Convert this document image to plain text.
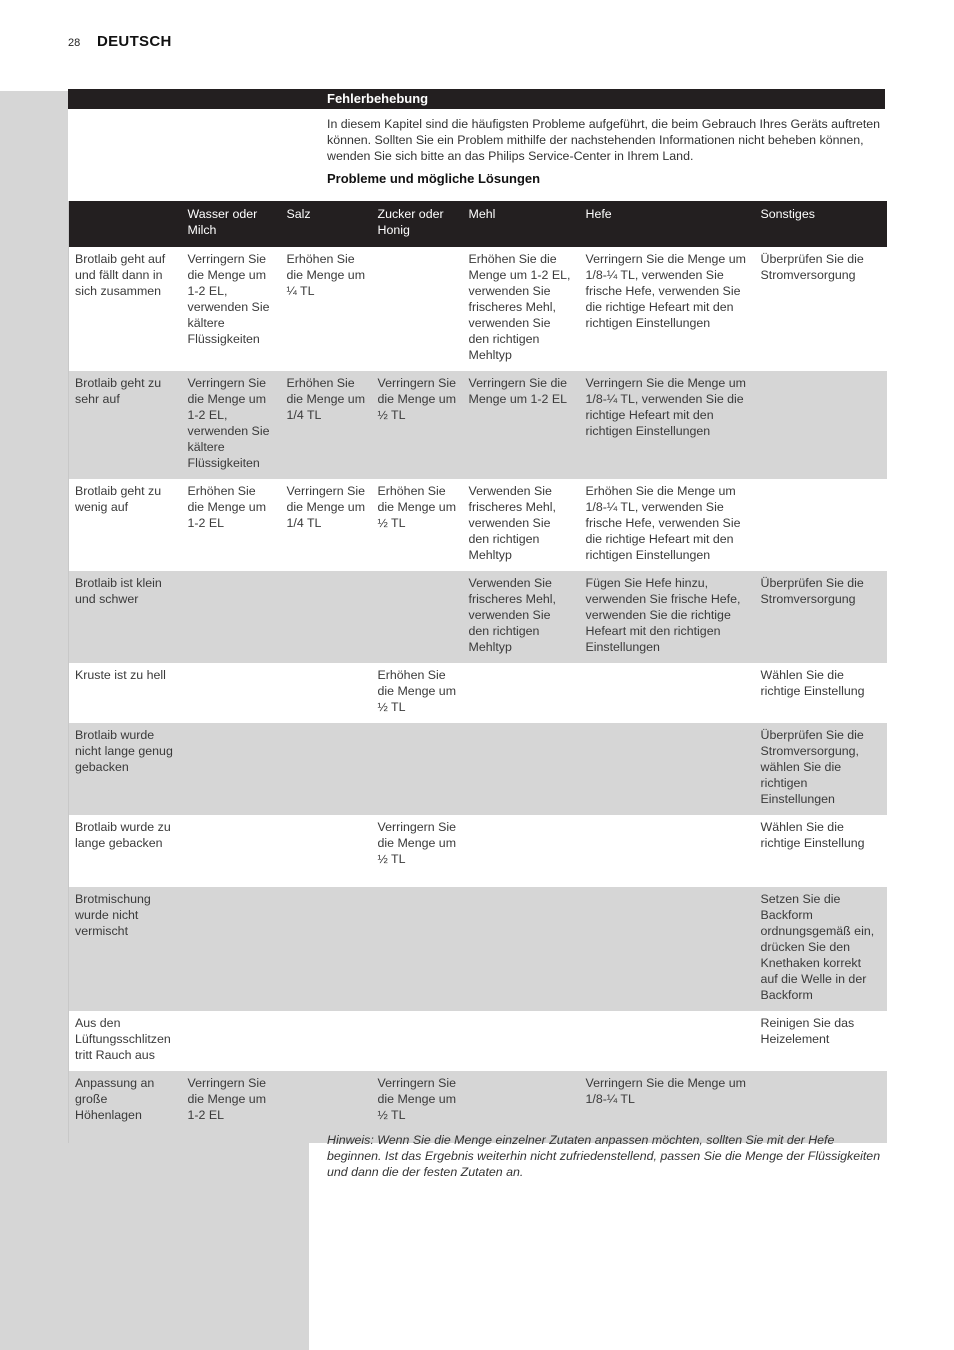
28 DEUTSCH
Fehlerbehebung

In diesem Kapitel sind die häufigsten Probleme aufgeführt, die beim Gebrauch Ihres Geräts auftreten können. Sollten Sie ein Problem mithilfe der nachstehenden Informationen nicht beheben können, wenden Sie sich bitte an das Philips Service-Center in Ihrem Land.

Probleme und mögliche Lösungen
	Wasser oder Milch	Salz	Zucker oder Honig	Mehl	Hefe	Sonstiges
Brotlaib geht auf und fällt dann in sich zusammen	Verringern Sie die Menge um 1-2 EL, verwenden Sie kältere Flüssigkeiten	Erhöhen Sie die Menge um ¼ TL		Erhöhen Sie die Menge um 1-2 EL, verwenden Sie frischeres Mehl, verwenden Sie den richtigen Mehltyp	Verringern Sie die Menge um 1/8-¼ TL, verwenden Sie frische Hefe, verwenden Sie die richtige Hefeart mit den richtigen Einstellungen	Überprüfen Sie die Stromversorgung
Brotlaib geht zu sehr auf	Verringern Sie die Menge um 1-2 EL, verwenden Sie kältere Flüssigkeiten	Erhöhen Sie die Menge um 1/4 TL	Verringern Sie die Menge um ½ TL	Verringern Sie die Menge um 1-2 EL	Verringern Sie die Menge um 1/8-¼ TL, verwenden Sie die richtige Hefeart mit den richtigen Einstellungen	
Brotlaib geht zu wenig auf	Erhöhen Sie die Menge um 1-2 EL	Verringern Sie die Menge um 1/4 TL	Erhöhen Sie die Menge um ½ TL	Verwenden Sie frischeres Mehl, verwenden Sie den richtigen Mehltyp	Erhöhen Sie die Menge um 1/8-¼ TL, verwenden Sie frische Hefe, verwenden Sie die richtige Hefeart mit den richtigen Einstellungen	
Brotlaib ist klein und schwer				Verwenden Sie frischeres Mehl, verwenden Sie den richtigen Mehltyp	Fügen Sie Hefe hinzu, verwenden Sie frische Hefe, verwenden Sie die richtige Hefeart mit den richtigen Einstellungen	Überprüfen Sie die Stromversorgung
Kruste ist zu hell			Erhöhen Sie die Menge um ½ TL			Wählen Sie die richtige Einstellung
Brotlaib wurde nicht lange genug gebacken						Überprüfen Sie die Stromversorgung, wählen Sie die richtigen Einstellungen
Brotlaib wurde zu lange gebacken			Verringern Sie die Menge um ½ TL			Wählen Sie die richtige Einstellung
Brotmischung wurde nicht vermischt						Setzen Sie die Backform ordnungsgemäß ein, drücken Sie den Knethaken korrekt auf die Welle in der Backform
Aus den Lüftungsschlitzen tritt Rauch aus						Reinigen Sie das Heizelement
Anpassung an große Höhenlagen	Verringern Sie die Menge um 1-2 EL		Verringern Sie die Menge um ½ TL		Verringern Sie die Menge um 1/8-¼ TL	

Hinweis: Wenn Sie die Menge einzelner Zutaten anpassen möchten, sollten Sie mit der Hefe beginnen. Ist das Ergebnis weiterhin nicht zufriedenstellend, passen Sie die Menge der Flüssigkeiten und dann die der festen Zutaten an.
